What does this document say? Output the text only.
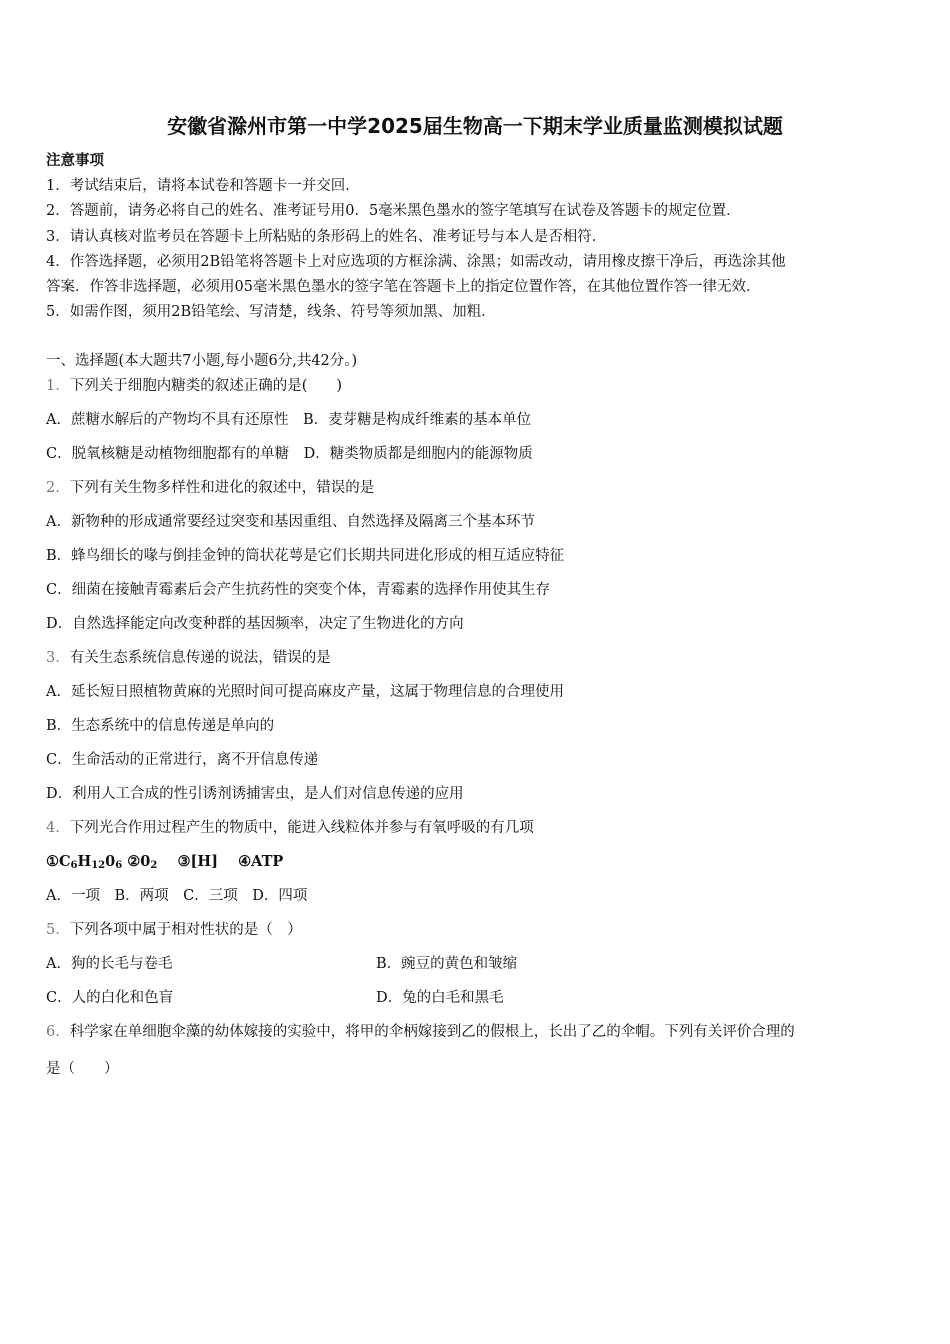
安徽省滁州市第一中学2025届生物高一下期末学业质量监测模拟试题
注意事项
1．考试结束后，请将本试卷和答题卡一并交回．
2．答题前，请务必将自己的姓名、准考证号用0．5毫米黑色墨水的签字笔填写在试卷及答题卡的规定位置．
3．请认真核对监考员在答题卡上所粘贴的条形码上的姓名、准考证号与本人是否相符．
4．作答选择题，必须用2B铅笔将答题卡上对应选项的方框涂满、涂黑；如需改动，请用橡皮擦干净后，再选涂其他
答案．作答非选择题，必须用05毫米黑色墨水的签字笔在答题卡上的指定位置作答，在其他位置作答一律无效．
5．如需作图，须用2B铅笔绘、写清楚，线条、符号等须加黑、加粗．
一、选择题(本大题共7小题,每小题6分,共42分。)
1．下列关于细胞内糖类的叙述正确的是(　　)
A．蔗糖水解后的产物均不具有还原性　B．麦芽糖是构成纤维素的基本单位
C．脱氧核糖是动植物细胞都有的单糖　D．糖类物质都是细胞内的能源物质
2．下列有关生物多样性和进化的叙述中，错误的是
A．新物种的形成通常要经过突变和基因重组、自然选择及隔离三个基本环节
B．蜂鸟细长的喙与倒挂金钟的筒状花萼是它们长期共同进化形成的相互适应特征
C．细菌在接触青霉素后会产生抗药性的突变个体，青霉素的选择作用使其生存
D．自然选择能定向改变种群的基因频率，决定了生物进化的方向
3．有关生态系统信息传递的说法，错误的是
A．延长短日照植物黄麻的光照时间可提高麻皮产量，这属于物理信息的合理使用
B．生态系统中的信息传递是单向的
C．生命活动的正常进行，离不开信息传递
D．利用人工合成的性引诱剂诱捕害虫，是人们对信息传递的应用
4．下列光合作用过程产生的物质中，能进入线粒体并参与有氧呼吸的有几项
$①C_6H_{12}0_6$ $②0_2$ ③[H] ④ATP
A．一项　B．两项　C．三项　D．四项
5．下列各项中属于相对性状的是（　）
A．狗的长毛与卷毛	B．豌豆的黄色和皱缩
C．人的白化和色盲	D．兔的白毛和黑毛
6．科学家在单细胞伞藻的幼体嫁接的实验中，将甲的伞柄嫁接到乙的假根上，长出了乙的伞帽。下列有关评价合理的
是（　　）
